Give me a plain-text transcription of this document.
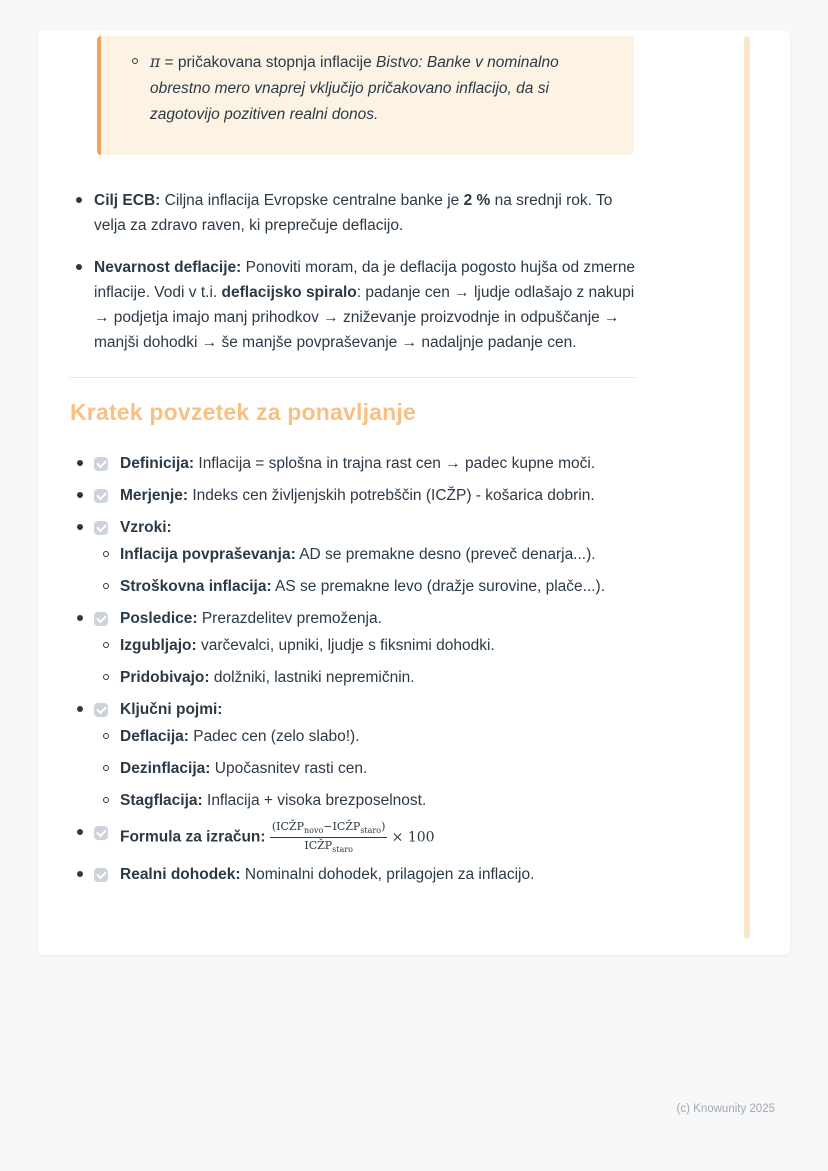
π = pričakovana stopnja inflacije Bistvo: Banke v nominalno obrestno mero vnaprej vključijo pričakovano inflacijo, da si zagotovijo pozitiven realni donos.

Cilj ECB: Ciljna inflacija Evropske centralne banke je 2 % na srednji rok. To velja za zdravo raven, ki preprečuje deflacijo.

Nevarnost deflacije: Ponoviti moram, da je deflacija pogosto hujša od zmerne inflacije. Vodi v t.i. deflacijsko spiralo: padanje cen → ljudje odlašajo z nakupi → podjetja imajo manj prihodkov → zniževanje proizvodnje in odpuščanje → manjši dohodki → še manjše povpraševanje → nadaljnje padanje cen.

Kratek povzetek za ponavljanje

Definicija: Inflacija = splošna in trajna rast cen → padec kupne moči.

Merjenje: Indeks cen življenjskih potrebščin (ICŽP) - košarica dobrin.

Vzroki:

Inflacija povpraševanja: AD se premakne desno (preveč denarja...).

Stroškovna inflacija: AS se premakne levo (dražje surovine, plače...).

Posledice: Prerazdelitev premoženja.

Izgubljajo: varčevalci, upniki, ljudje s fiksnimi dohodki.

Pridobivajo: dolžniki, lastniki nepremičnin.

Ključni pojmi:

Deflacija: Padec cen (zelo slabo!).

Dezinflacija: Upočasnitev rasti cen.

Stagflacija: Inflacija + visoka brezposelnost.

Formula za izračun: $\frac{(ICŽP_{novo}-ICŽP_{staro})}{ICŽP_{staro}} \times 100$

Realni dohodek: Nominalni dohodek, prilagojen za inflacijo.

(c) Knowunity 2025
